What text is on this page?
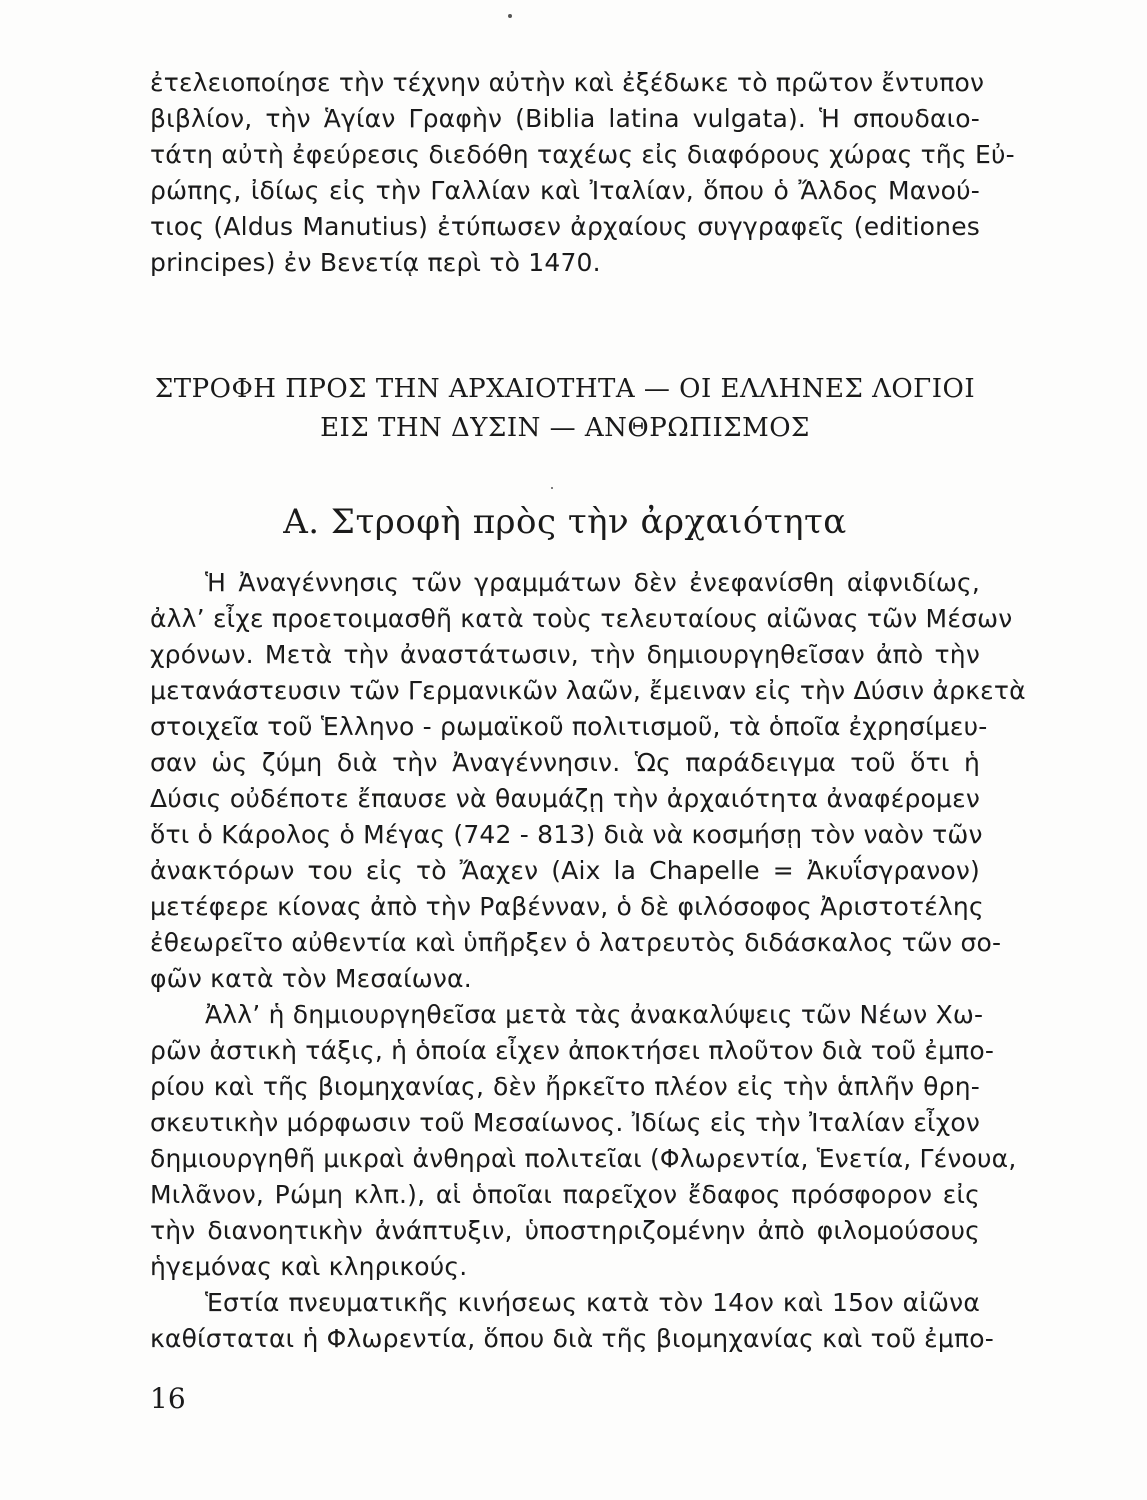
ἐτελειοποίησε τὴν τέχνην αὐτὴν καὶ ἐξέδωκε τὸ πρῶτον ἔντυπον
βιβλίον, τὴν Ἁγίαν Γραφὴν (Biblia latina vulgata). Ἡ σπουδαιο-
τάτη αὐτὴ ἐφεύρεσις διεδόθη ταχέως εἰς διαφόρους χώρας τῆς Εὐ-
ρώπης, ἰδίως εἰς τὴν Γαλλίαν καὶ Ἰταλίαν, ὅπου ὁ Ἄλδος Μανού-
τιος (Aldus Manutius) ἐτύπωσεν ἀρχαίους συγγραφεῖς (editiones
principes) ἐν Βενετίᾳ περὶ τὸ 1470.
ΣΤΡΟΦΗ ΠΡΟΣ ΤΗΝ ΑΡΧΑΙΟΤΗΤΑ — ΟΙ ΕΛΛΗΝΕΣ ΛΟΓΙΟΙ
ΕΙΣ ΤΗΝ ΔΥΣΙΝ — ΑΝΘΡΩΠΙΣΜΟΣ
Α. Στροφὴ πρὸς τὴν ἀρχαιότητα
Ἡ Ἀναγέννησις τῶν γραμμάτων δὲν ἐνεφανίσθη αἰφνιδίως,
ἀλλ’ εἶχε προετοιμασθῆ κατὰ τοὺς τελευταίους αἰῶνας τῶν Μέσων
χρόνων. Μετὰ τὴν ἀναστάτωσιν, τὴν δημιουργηθεῖσαν ἀπὸ τὴν
μετανάστευσιν τῶν Γερμανικῶν λαῶν, ἔμειναν εἰς τὴν Δύσιν ἀρκετὰ
στοιχεῖα τοῦ Ἑλληνο - ρωμαϊκοῦ πολιτισμοῦ, τὰ ὁποῖα ἐχρησίμευ-
σαν ὡς ζύμη διὰ τὴν Ἀναγέννησιν. Ὡς παράδειγμα τοῦ ὅτι ἡ
Δύσις οὐδέποτε ἔπαυσε νὰ θαυμάζῃ τὴν ἀρχαιότητα ἀναφέρομεν
ὅτι ὁ Κάρολος ὁ Μέγας (742 - 813) διὰ νὰ κοσμήσῃ τὸν ναὸν τῶν
ἀνακτόρων του εἰς τὸ Ἄαχεν (Aix la Chapelle = Ἀκυΐσγρανον)
μετέφερε κίονας ἀπὸ τὴν Ραβένναν, ὁ δὲ φιλόσοφος Ἀριστοτέλης
ἐθεωρεῖτο αὐθεντία καὶ ὑπῆρξεν ὁ λατρευτὸς διδάσκαλος τῶν σο-
φῶν κατὰ τὸν Μεσαίωνα.
Ἀλλ’ ἡ δημιουργηθεῖσα μετὰ τὰς ἀνακαλύψεις τῶν Νέων Χω-
ρῶν ἀστικὴ τάξις, ἡ ὁποία εἶχεν ἀποκτήσει πλοῦτον διὰ τοῦ ἐμπο-
ρίου καὶ τῆς βιομηχανίας, δὲν ἤρκεῖτο πλέον εἰς τὴν ἁπλῆν θρη-
σκευτικὴν μόρφωσιν τοῦ Μεσαίωνος. Ἰδίως εἰς τὴν Ἰταλίαν εἶχον
δημιουργηθῆ μικραὶ ἀνθηραὶ πολιτεῖαι (Φλωρεντία, Ἑνετία, Γένουα,
Μιλᾶνον, Ρώμη κλπ.), αἱ ὁποῖαι παρεῖχον ἔδαφος πρόσφορον εἰς
τὴν διανοητικὴν ἀνάπτυξιν, ὑποστηριζομένην ἀπὸ φιλομούσους
ἡγεμόνας καὶ κληρικούς.
Ἑστία πνευματικῆς κινήσεως κατὰ τὸν 14ον καὶ 15ον αἰῶνα
καθίσταται ἡ Φλωρεντία, ὅπου διὰ τῆς βιομηχανίας καὶ τοῦ ἐμπο-
16
